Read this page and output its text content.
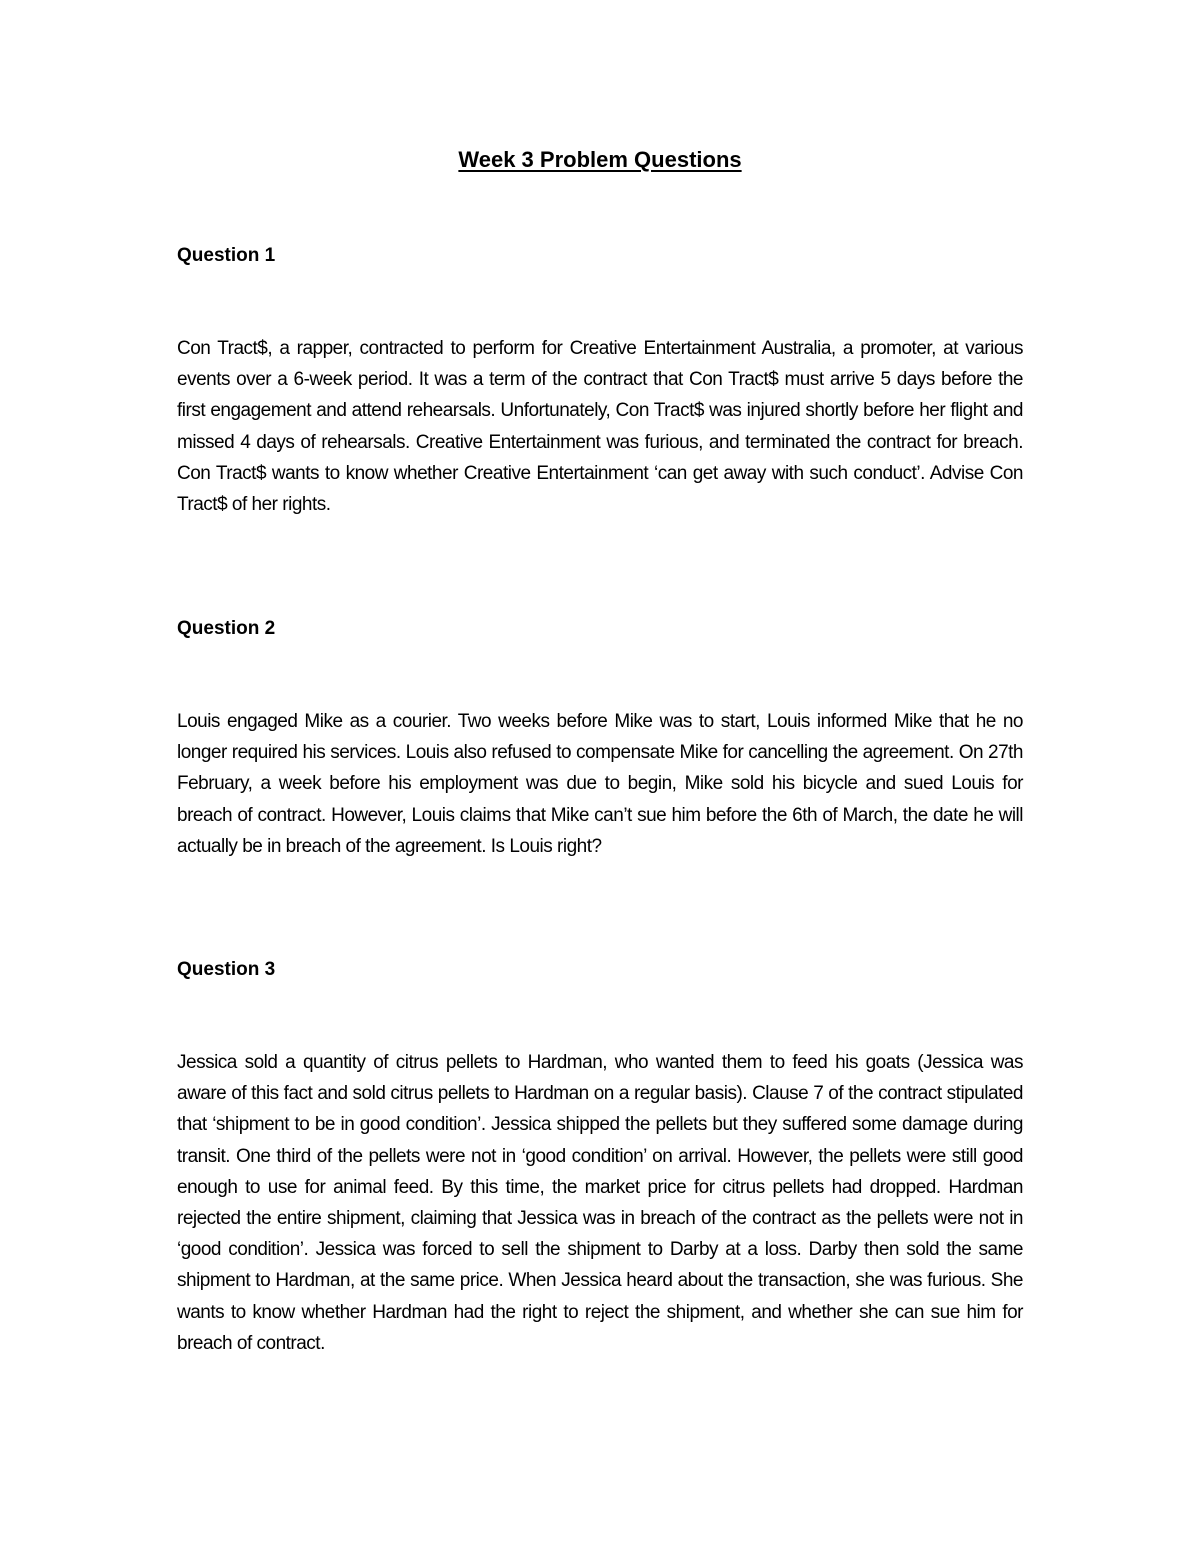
Week 3 Problem Questions
Question 1

Con Tract$, a rapper, contracted to perform for Creative Entertainment Australia, a promoter, at various events over a 6-week period. It was a term of the contract that Con Tract$ must arrive 5 days before the first engagement and attend rehearsals. Unfortunately, Con Tract$ was injured shortly before her flight and missed 4 days of rehearsals. Creative Entertainment was furious, and terminated the contract for breach. Con Tract$ wants to know whether Creative Entertainment ‘can get away with such conduct’. Advise Con Tract$ of her rights.

Question 2

Louis engaged Mike as a courier. Two weeks before Mike was to start, Louis informed Mike that he no longer required his services. Louis also refused to compensate Mike for cancelling the agreement. On 27th February, a week before his employment was due to begin, Mike sold his bicycle and sued Louis for breach of contract. However, Louis claims that Mike can’t sue him before the 6th of March, the date he will actually be in breach of the agreement. Is Louis right?

Question 3

Jessica sold a quantity of citrus pellets to Hardman, who wanted them to feed his goats (Jessica was aware of this fact and sold citrus pellets to Hardman on a regular basis). Clause 7 of the contract stipulated that ‘shipment to be in good condition’. Jessica shipped the pellets but they suffered some damage during transit. One third of the pellets were not in ‘good condition’ on arrival. However, the pellets were still good enough to use for animal feed. By this time, the market price for citrus pellets had dropped. Hardman rejected the entire shipment, claiming that Jessica was in breach of the contract as the pellets were not in ‘good condition’. Jessica was forced to sell the shipment to Darby at a loss. Darby then sold the same shipment to Hardman, at the same price. When Jessica heard about the transaction, she was furious. She wants to know whether Hardman had the right to reject the shipment, and whether she can sue him for breach of contract.
